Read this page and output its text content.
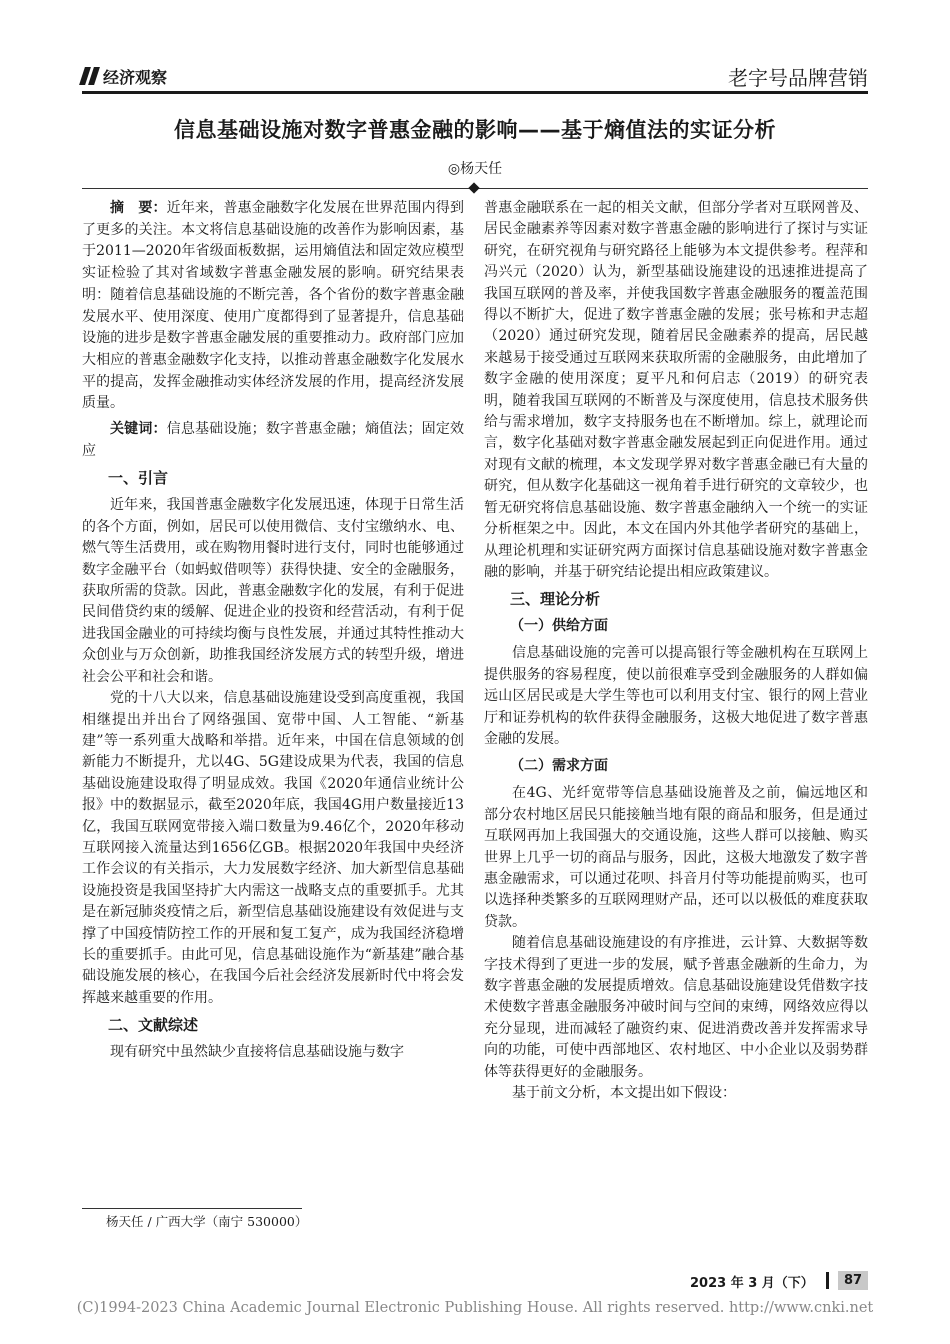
经济观察	老字号品牌营销
信息基础设施对数字普惠金融的影响——基于熵值法的实证分析
◎杨天任

摘　要：近年来，普惠金融数字化发展在世界范围内得到了更多的关注。本文将信息基础设施的改善作为影响因素，基于2011—2020年省级面板数据，运用熵值法和固定效应模型实证检验了其对省域数字普惠金融发展的影响。研究结果表明：随着信息基础设施的不断完善，各个省份的数字普惠金融发展水平、使用深度、使用广度都得到了显著提升，信息基础设施的进步是数字普惠金融发展的重要推动力。政府部门应加大相应的普惠金融数字化支持，以推动普惠金融数字化发展水平的提高，发挥金融推动实体经济发展的作用，提高经济发展质量。

关键词：信息基础设施；数字普惠金融；熵值法；固定效应

一、引言

近年来，我国普惠金融数字化发展迅速，体现于日常生活的各个方面，例如，居民可以使用微信、支付宝缴纳水、电、燃气等生活费用，或在购物用餐时进行支付，同时也能够通过数字金融平台（如蚂蚁借呗等）获得快捷、安全的金融服务，获取所需的贷款。因此，普惠金融数字化的发展，有利于促进民间借贷约束的缓解、促进企业的投资和经营活动，有利于促进我国金融业的可持续均衡与良性发展，并通过其特性推动大众创业与万众创新，助推我国经济发展方式的转型升级，增进社会公平和社会和谐。

党的十八大以来，信息基础设施建设受到高度重视，我国相继提出并出台了网络强国、宽带中国、人工智能、“新基建”等一系列重大战略和举措。近年来，中国在信息领域的创新能力不断提升，尤以4G、5G建设成果为代表，我国的信息基础设施建设取得了明显成效。我国《2020年通信业统计公报》中的数据显示，截至2020年底，我国4G用户数量接近13亿，我国互联网宽带接入端口数量为9.46亿个，2020年移动互联网接入流量达到1656亿GB。根据2020年我国中央经济工作会议的有关指示，大力发展数字经济、加大新型信息基础设施投资是我国坚持扩大内需这一战略支点的重要抓手。尤其是在新冠肺炎疫情之后，新型信息基础设施建设有效促进与支撑了中国疫情防控工作的开展和复工复产，成为我国经济稳增长的重要抓手。由此可见，信息基础设施作为“新基建”融合基础设施发展的核心，在我国今后社会经济发展新时代中将会发挥越来越重要的作用。

二、文献综述

现有研究中虽然缺少直接将信息基础设施与数字

杨天任 / 广西大学（南宁 530000）

普惠金融联系在一起的相关文献，但部分学者对互联网普及、居民金融素养等因素对数字普惠金融的影响进行了探讨与实证研究，在研究视角与研究路径上能够为本文提供参考。程萍和冯兴元（2020）认为，新型基础设施建设的迅速推进提高了我国互联网的普及率，并使我国数字普惠金融服务的覆盖范围得以不断扩大，促进了数字普惠金融的发展；张号栋和尹志超（2020）通过研究发现，随着居民金融素养的提高，居民越来越易于接受通过互联网来获取所需的金融服务，由此增加了数字金融的使用深度；夏平凡和何启志（2019）的研究表明，随着我国互联网的不断普及与深度使用，信息技术服务供给与需求增加，数字支持服务也在不断增加。综上，就理论而言，数字化基础对数字普惠金融发展起到正向促进作用。通过对现有文献的梳理，本文发现学界对数字普惠金融已有大量的研究，但从数字化基础这一视角着手进行研究的文章较少，也暂无研究将信息基础设施、数字普惠金融纳入一个统一的实证分析框架之中。因此，本文在国内外其他学者研究的基础上，从理论机理和实证研究两方面探讨信息基础设施对数字普惠金融的影响，并基于研究结论提出相应政策建议。

三、理论分析
（一）供给方面

信息基础设施的完善可以提高银行等金融机构在互联网上提供服务的容易程度，使以前很难享受到金融服务的人群如偏远山区居民或是大学生等也可以利用支付宝、银行的网上营业厅和证券机构的软件获得金融服务，这极大地促进了数字普惠金融的发展。

（二）需求方面

在4G、光纤宽带等信息基础设施普及之前，偏远地区和部分农村地区居民只能接触当地有限的商品和服务，但是通过互联网再加上我国强大的交通设施，这些人群可以接触、购买世界上几乎一切的商品与服务，因此，这极大地激发了数字普惠金融需求，可以通过花呗、抖音月付等功能提前购买，也可以选择种类繁多的互联网理财产品，还可以以极低的难度获取贷款。

随着信息基础设施建设的有序推进，云计算、大数据等数字技术得到了更进一步的发展，赋予普惠金融新的生命力，为数字普惠金融的发展提质增效。信息基础设施建设凭借数字技术使数字普惠金融服务冲破时间与空间的束缚，网络效应得以充分显现，进而减轻了融资约束、促进消费改善并发挥需求导向的功能，可使中西部地区、农村地区、中小企业以及弱势群体等获得更好的金融服务。

基于前文分析，本文提出如下假设：

2023 年 3 月（下）	87
(C)1994-2023 China Academic Journal Electronic Publishing House. All rights reserved. http://www.cnki.net
